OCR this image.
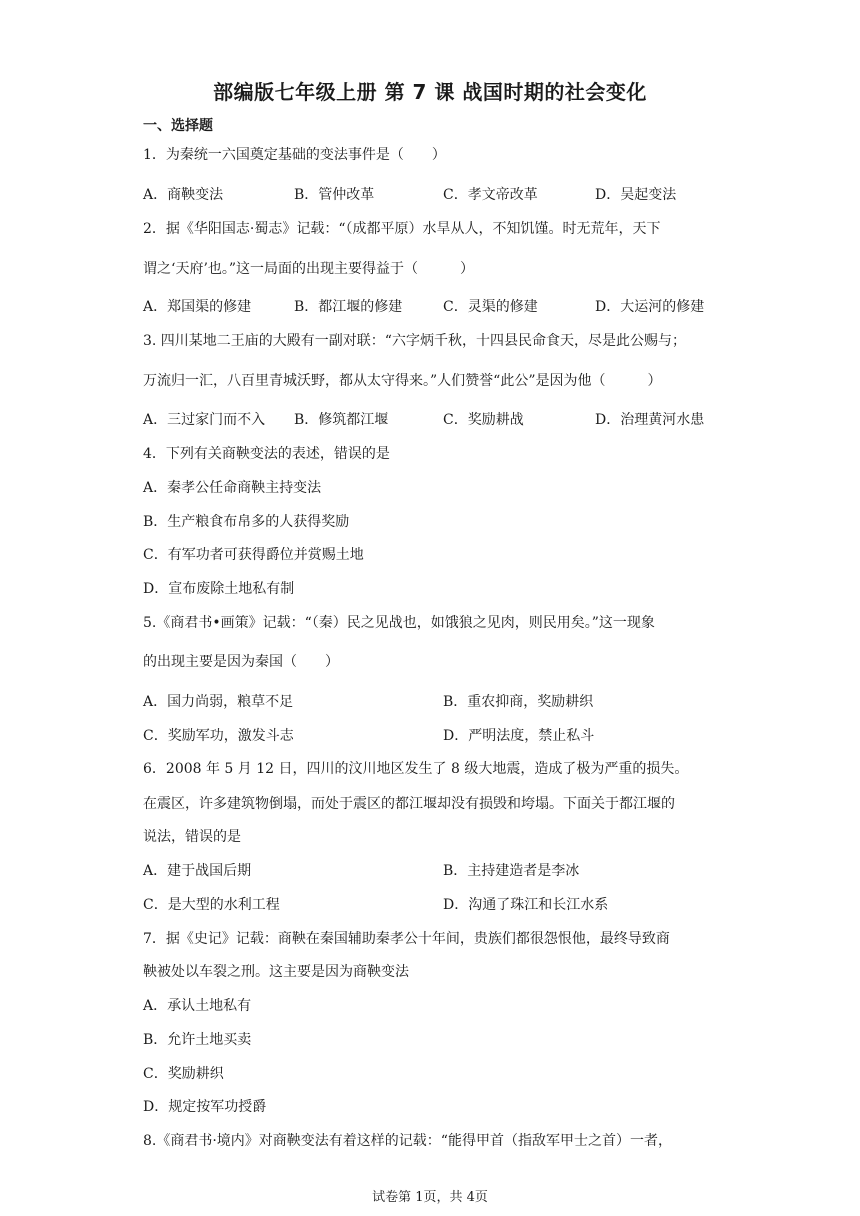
部编版七年级上册 第 7 课 战国时期的社会变化
一、选择题
1．为秦统一六国奠定基础的变法事件是（　　）
A．商鞅变法	B．管仲改革	C．孝文帝改革	D．吴起变法
2．据《华阳国志·蜀志》记载：“（成都平原）水旱从人，不知饥馑。时无荒年，天下
谓之‘天府’也。”这一局面的出现主要得益于（　　　）
A．郑国渠的修建	B．都江堰的修建	C．灵渠的修建	D．大运河的修建
3. 四川某地二王庙的大殿有一副对联：“六字炳千秋，十四县民命食天，尽是此公赐与；
万流归一汇，八百里青城沃野，都从太守得来。”人们赞誉“此公”是因为他（　　　）
A．三过家门而不入 B．修筑都江堰	C．奖励耕战	D．治理黄河水患
4．下列有关商鞅变法的表述，错误的是
A．秦孝公任命商鞅主持变法
B．生产粮食布帛多的人获得奖励
C．有军功者可获得爵位并赏赐土地
D．宣布废除土地私有制
5.《商君书•画策》记载：“（秦）民之见战也，如饿狼之见肉，则民用矣。”这一现象
的出现主要是因为秦国（　　）
A．国力尚弱，粮草不足	B．重农抑商，奖励耕织
C．奖励军功，激发斗志	D．严明法度，禁止私斗
6．2008 年 5 月 12 日，四川的汶川地区发生了 8 级大地震，造成了极为严重的损失。
在震区，许多建筑物倒塌，而处于震区的都江堰却没有损毁和垮塌。下面关于都江堰的
说法，错误的是
A．建于战国后期	B．主持建造者是李冰
C．是大型的水利工程	D．沟通了珠江和长江水系
7．据《史记》记载：商鞅在秦国辅助秦孝公十年间，贵族们都很怨恨他，最终导致商
鞅被处以车裂之刑。这主要是因为商鞅变法
A．承认土地私有
B．允许土地买卖
C．奖励耕织
D．规定按军功授爵
8.《商君书·境内》对商鞅变法有着这样的记载：“能得甲首（指敌军甲士之首）一者，
试卷第 1页，共 4页
